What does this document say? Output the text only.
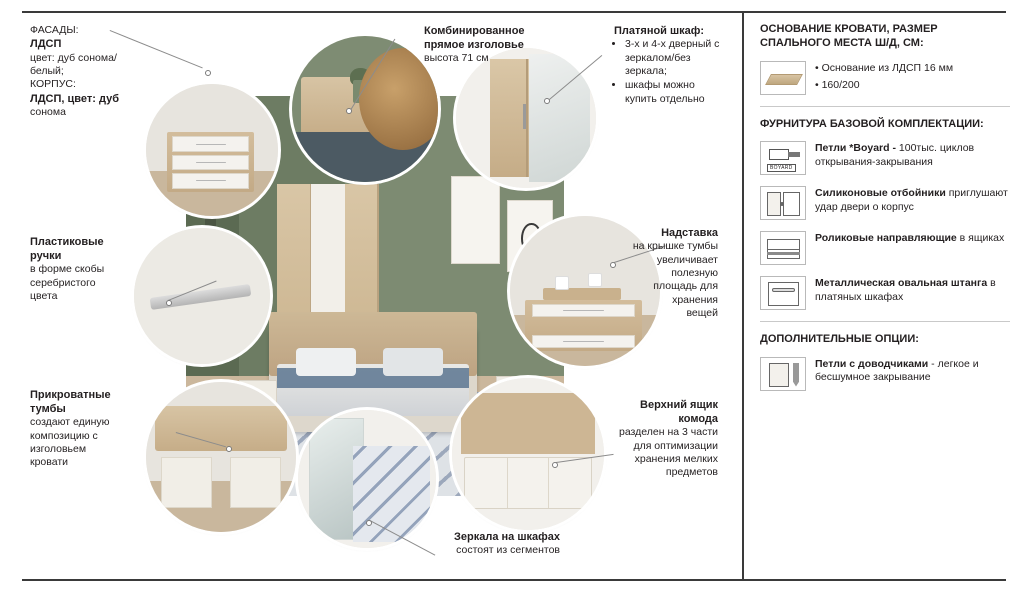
ФАСАДЫ:
ЛДСП
цвет: дуб сонома/
белый;
КОРПУС:
ЛДСП, цвет: дуб
сонома
Комбинированное
прямое изголовье
высота 71 см
Платяной шкаф:
• 3-х и 4-х дверный с зеркалом/без зеркала;
• шкафы можно купить отдельно
Пластиковые
ручки
в форме скобы
серебристого
цвета
Надставка
на крышке тумбы
увеличивает
полезную
площадь для
хранения
вещей
Прикроватные
тумбы
создают единую
композицию с
изголовьем
кровати
Верхний ящик
комода
разделен на 3 части
для оптимизации
хранения мелких
предметов
Зеркала на шкафах
состоят из сегментов
ОСНОВАНИЕ КРОВАТИ, РАЗМЕР СПАЛЬНОГО МЕСТА Ш/Д, СМ:
• Основание из ЛДСП 16 мм
• 160/200
ФУРНИТУРА БАЗОВОЙ КОМПЛЕКТАЦИИ:
BOYARD
Петли *Boyard - 100тыс. циклов открывания-закрывания
Силиконовые отбойники приглушают удар двери о корпус
Роликовые направляющие в ящиках
Металлическая овальная штанга в платяных шкафах
ДОПОЛНИТЕЛЬНЫЕ ОПЦИИ:
Петли с доводчиками - легкое и бесшумное закрывание
